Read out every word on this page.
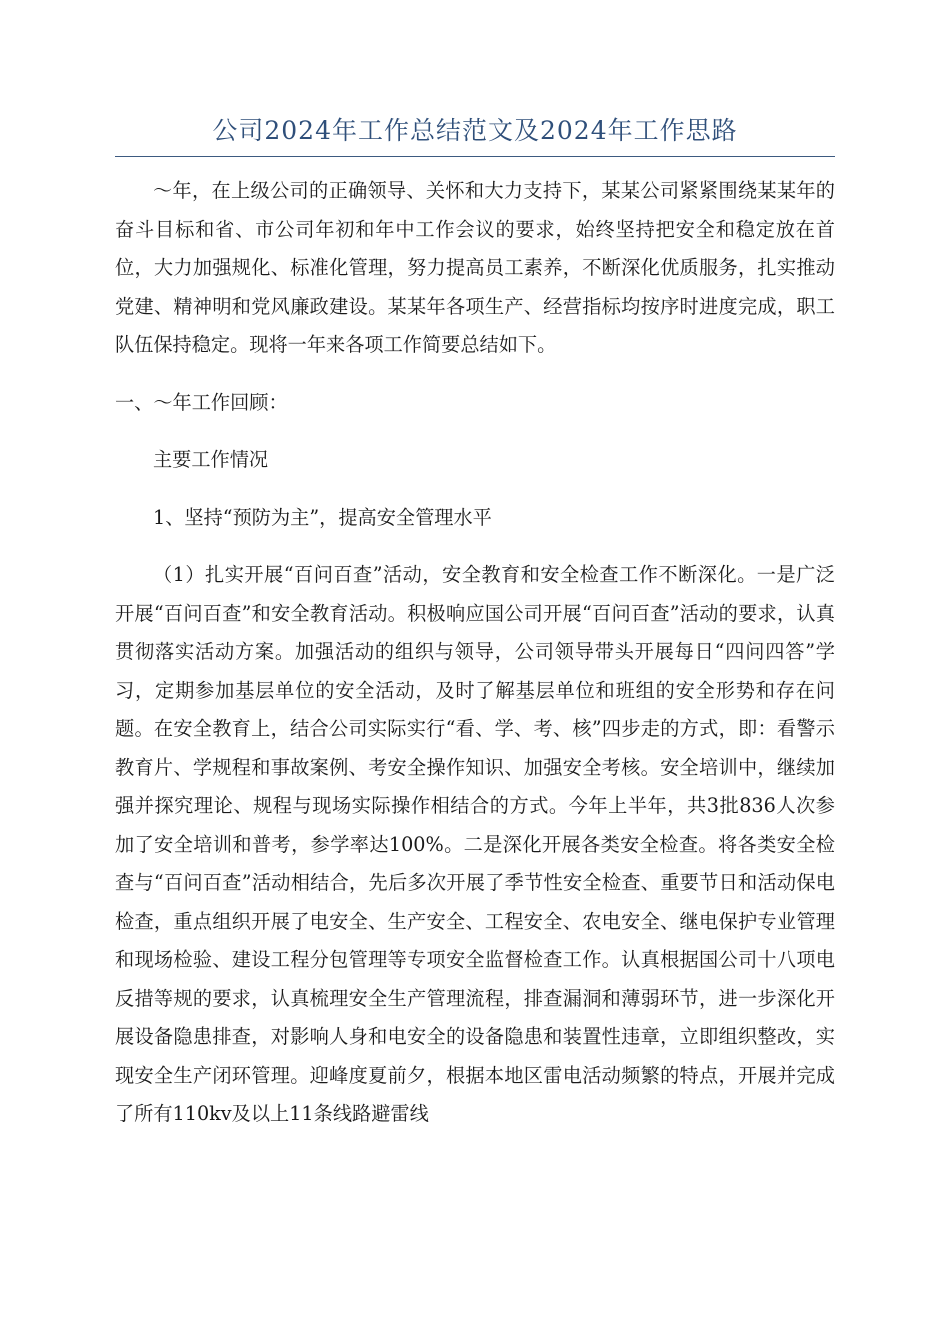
公司2024年工作总结范文及2024年工作思路

～年，在上级公司的正确领导、关怀和大力支持下，某某公司紧紧围绕某某年的奋斗目标和省、市公司年初和年中工作会议的要求，始终坚持把安全和稳定放在首位，大力加强规化、标准化管理，努力提高员工素养，不断深化优质服务，扎实推动党建、精神明和党风廉政建设。某某年各项生产、经营指标均按序时进度完成，职工队伍保持稳定。现将一年来各项工作简要总结如下。

一、～年工作回顾：

主要工作情况

1、坚持“预防为主”，提高安全管理水平

（1）扎实开展“百问百查”活动，安全教育和安全检查工作不断深化。一是广泛开展“百问百查”和安全教育活动。积极响应国公司开展“百问百查”活动的要求，认真贯彻落实活动方案。加强活动的组织与领导，公司领导带头开展每日“四问四答”学习，定期参加基层单位的安全活动，及时了解基层单位和班组的安全形势和存在问题。在安全教育上，结合公司实际实行“看、学、考、核”四步走的方式，即：看警示教育片、学规程和事故案例、考安全操作知识、加强安全考核。安全培训中，继续加强并探究理论、规程与现场实际操作相结合的方式。今年上半年，共3批836人次参加了安全培训和普考，参学率达100%。二是深化开展各类安全检查。将各类安全检查与“百问百查”活动相结合，先后多次开展了季节性安全检查、重要节日和活动保电检查，重点组织开展了电安全、生产安全、工程安全、农电安全、继电保护专业管理和现场检验、建设工程分包管理等专项安全监督检查工作。认真根据国公司十八项电反措等规的要求，认真梳理安全生产管理流程，排查漏洞和薄弱环节，进一步深化开展设备隐患排查，对影响人身和电安全的设备隐患和装置性违章，立即组织整改，实现安全生产闭环管理。迎峰度夏前夕，根据本地区雷电活动频繁的特点，开展并完成了所有110kv及以上11条线路避雷线
